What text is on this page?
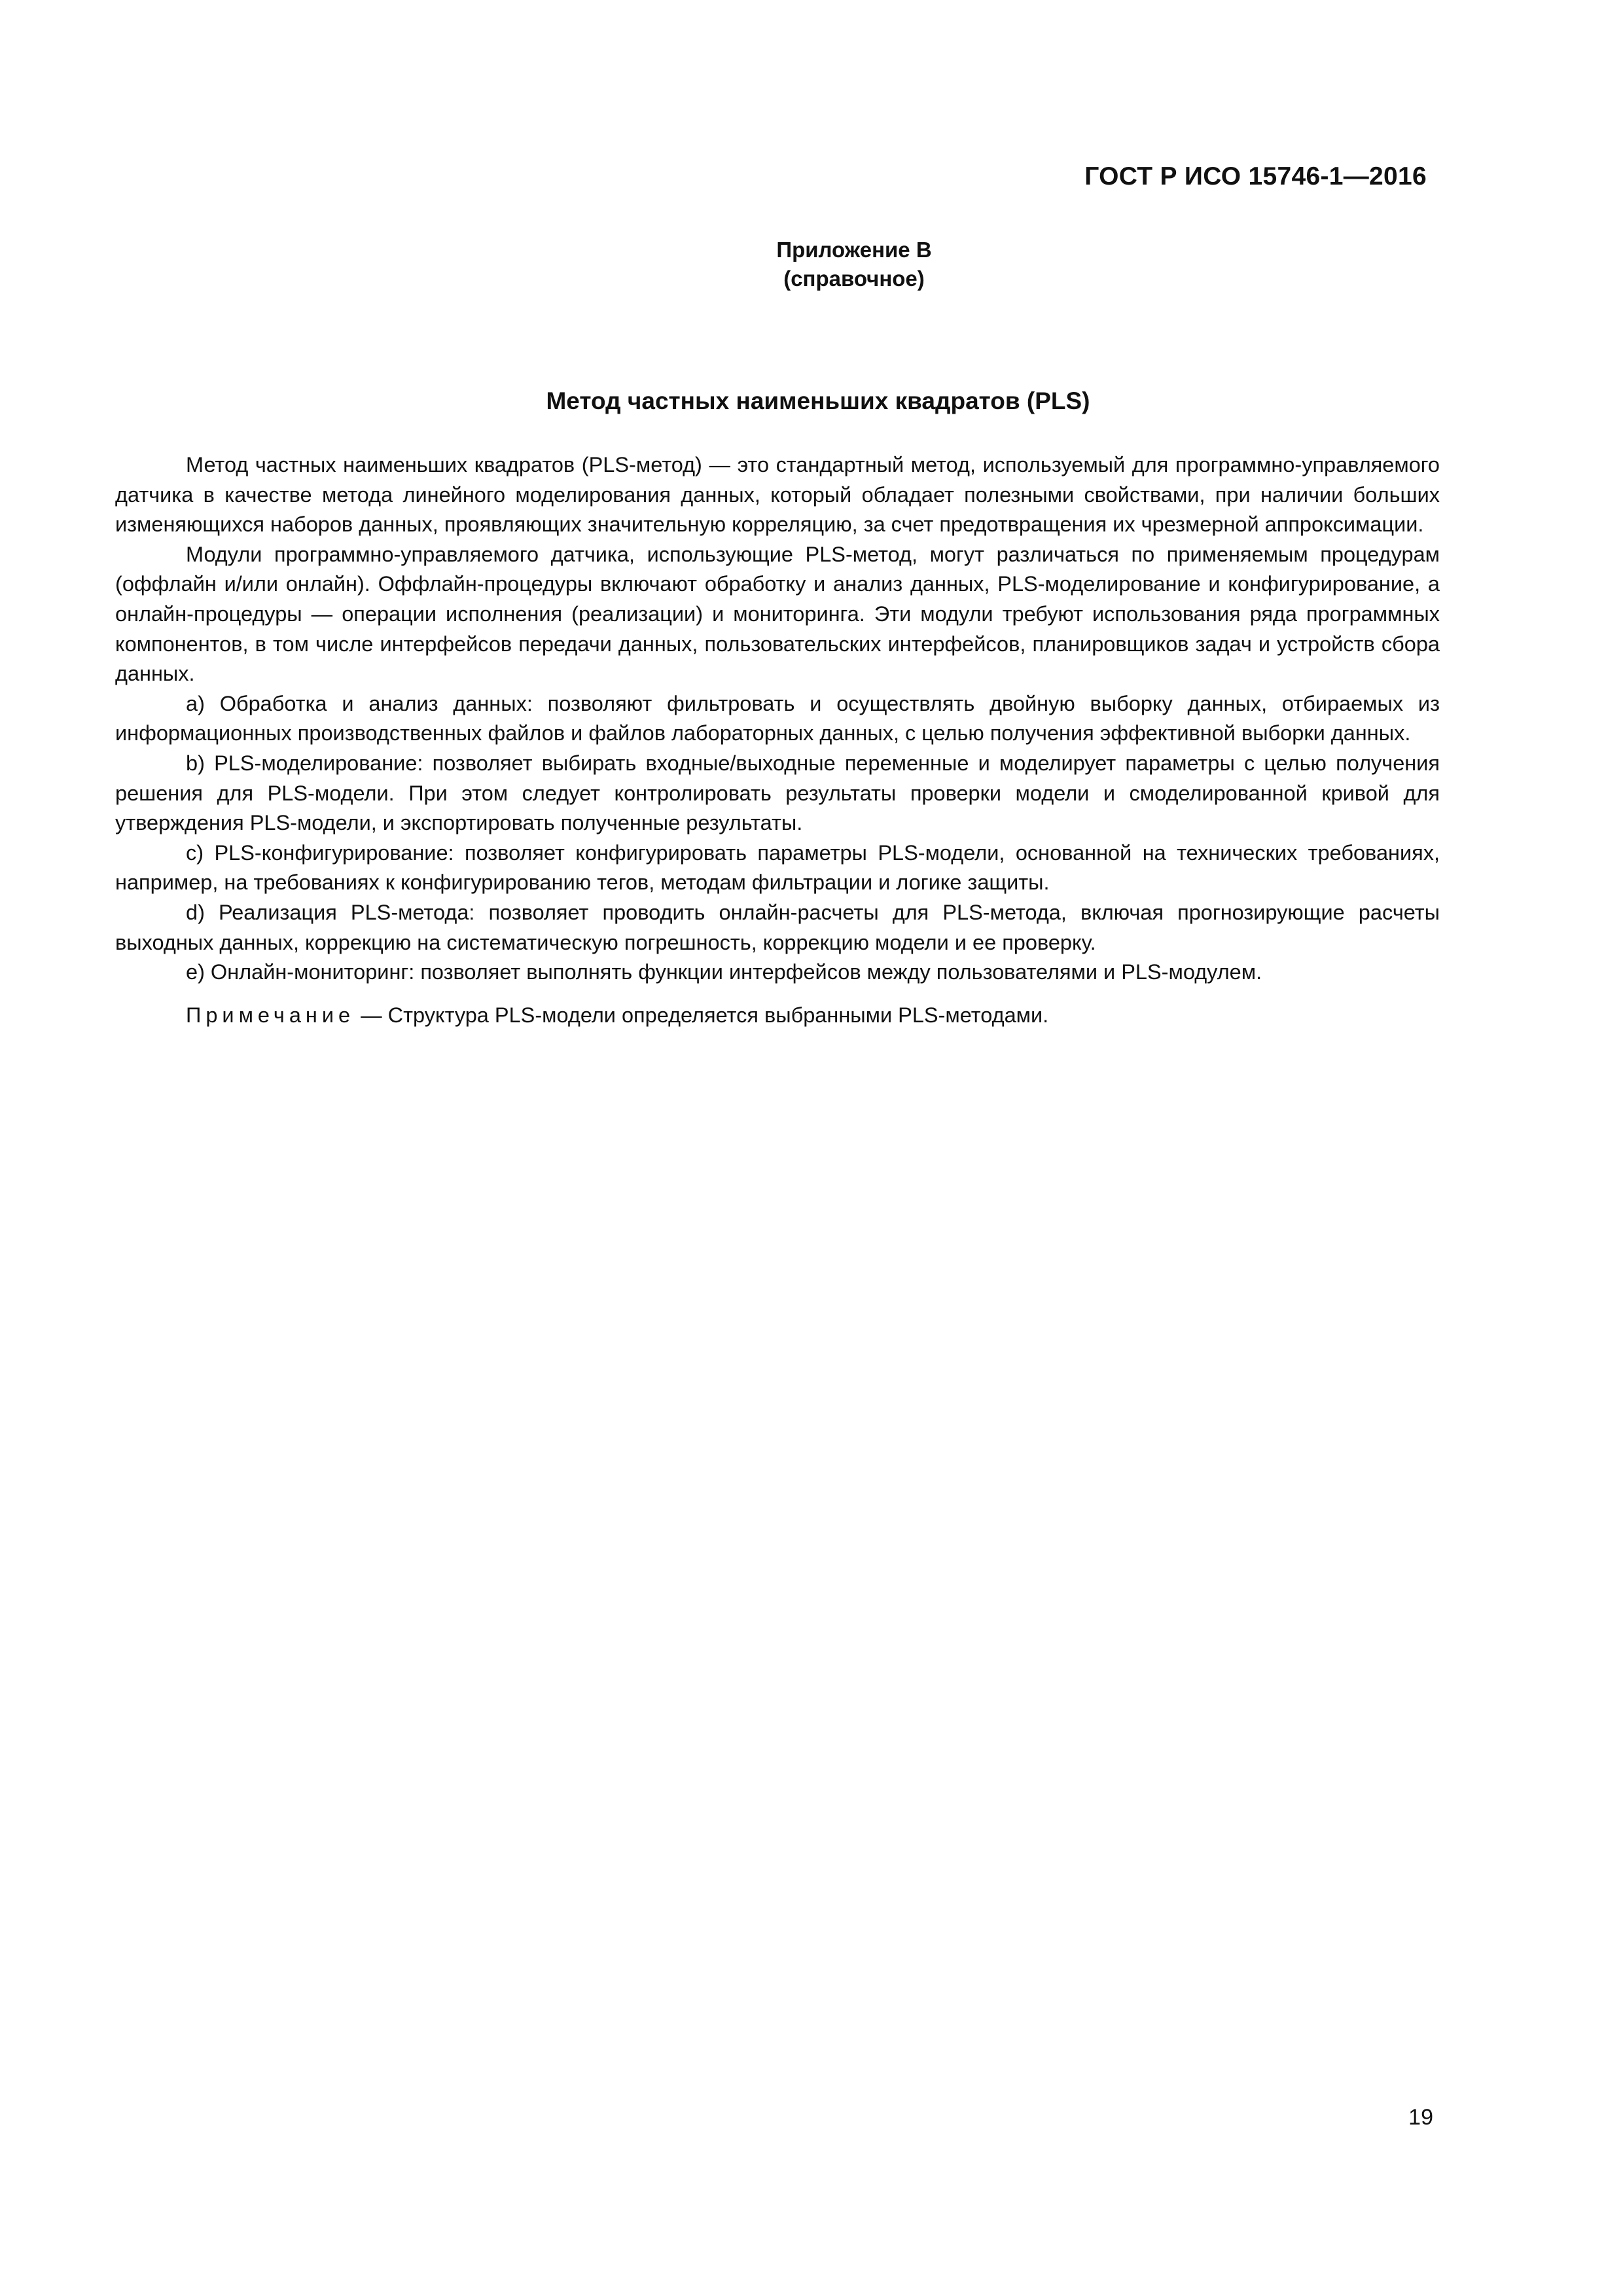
ГОСТ Р ИСО 15746-1—2016
Приложение В
(справочное)
Метод частных наименьших квадратов (PLS)

Метод частных наименьших квадратов (PLS-метод) — это стандартный метод, используемый для программно-управляемого датчика в качестве метода линейного моделирования данных, который обладает полезными свойствами, при наличии больших изменяющихся наборов данных, проявляющих значительную корреляцию, за счет предотвращения их чрезмерной аппроксимации.

Модули программно-управляемого датчика, использующие PLS-метод, могут различаться по применяемым процедурам (оффлайн и/или онлайн). Оффлайн-процедуры включают обработку и анализ данных, PLS-моделирование и конфигурирование, а онлайн-процедуры — операции исполнения (реализации) и мониторинга. Эти модули требуют использования ряда программных компонентов, в том числе интерфейсов передачи данных, пользовательских интерфейсов, планировщиков задач и устройств сбора данных.

a) Обработка и анализ данных: позволяют фильтровать и осуществлять двойную выборку данных, отбираемых из информационных производственных файлов и файлов лабораторных данных, с целью получения эффективной выборки данных.

b) PLS-моделирование: позволяет выбирать входные/выходные переменные и моделирует параметры с целью получения решения для PLS-модели. При этом следует контролировать результаты проверки модели и смоделированной кривой для утверждения PLS-модели, и экспортировать полученные результаты.

c) PLS-конфигурирование: позволяет конфигурировать параметры PLS-модели, основанной на технических требованиях, например, на требованиях к конфигурированию тегов, методам фильтрации и логике защиты.

d) Реализация PLS-метода: позволяет проводить онлайн-расчеты для PLS-метода, включая прогнозирующие расчеты выходных данных, коррекцию на систематическую погрешность, коррекцию модели и ее проверку.

e) Онлайн-мониторинг: позволяет выполнять функции интерфейсов между пользователями и PLS-модулем.

Примечание — Структура PLS-модели определяется выбранными PLS-методами.

19
